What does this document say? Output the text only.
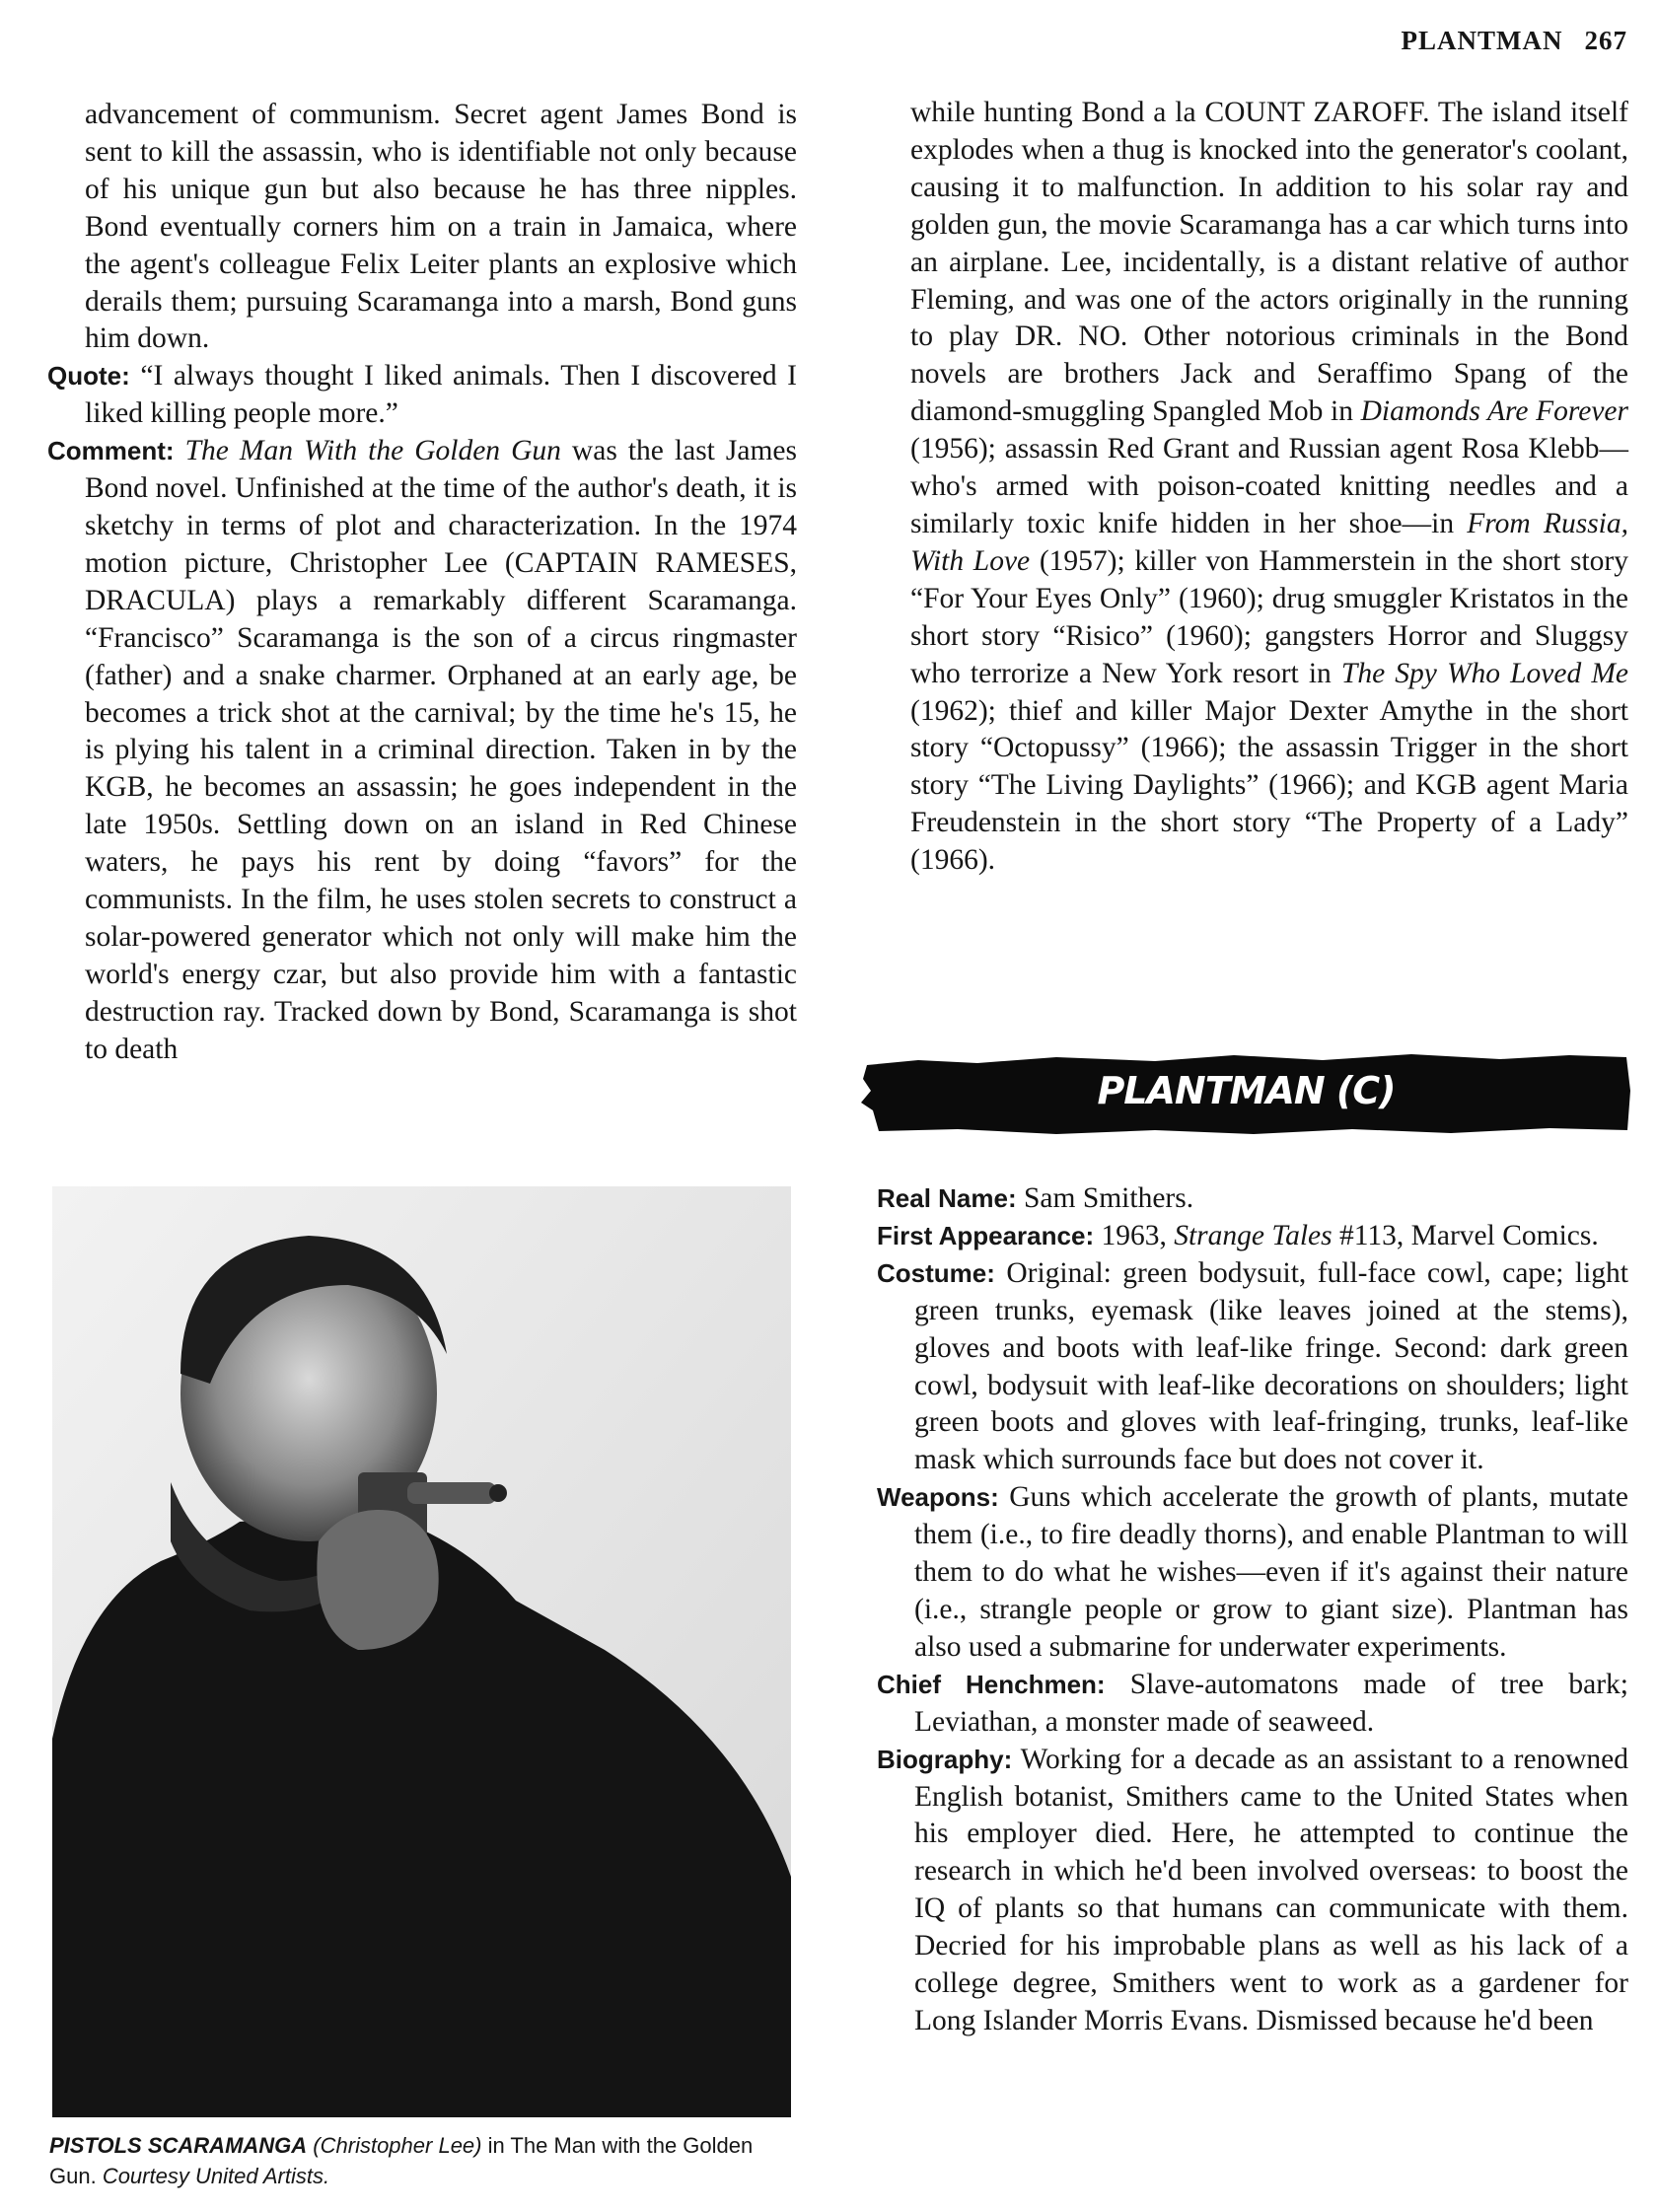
PLANTMAN 267

advancement of communism. Secret agent James Bond is sent to kill the assassin, who is identifiable not only because of his unique gun but also because he has three nipples. Bond eventually corners him on a train in Jamaica, where the agent's colleague Felix Leiter plants an explosive which derails them; pursuing Scaramanga into a marsh, Bond guns him down.

Quote: “I always thought I liked animals. Then I discovered I liked killing people more.”

Comment: The Man With the Golden Gun was the last James Bond novel. Unfinished at the time of the author's death, it is sketchy in terms of plot and characterization. In the 1974 motion picture, Christopher Lee (CAPTAIN RAMESES, DRACULA) plays a remarkably different Scaramanga. “Francisco” Scaramanga is the son of a circus ringmaster (father) and a snake charmer. Orphaned at an early age, be becomes a trick shot at the carnival; by the time he's 15, he is plying his talent in a criminal direction. Taken in by the KGB, he becomes an assassin; he goes independent in the late 1950s. Settling down on an island in Red Chinese waters, he pays his rent by doing “favors” for the communists. In the film, he uses stolen secrets to construct a solar-powered generator which not only will make him the world's energy czar, but also provide him with a fantastic destruction ray. Tracked down by Bond, Scaramanga is shot to death

while hunting Bond a la COUNT ZAROFF. The island itself explodes when a thug is knocked into the generator's coolant, causing it to malfunction. In addition to his solar ray and golden gun, the movie Scaramanga has a car which turns into an airplane. Lee, incidentally, is a distant relative of author Fleming, and was one of the actors originally in the running to play DR. NO. Other notorious criminals in the Bond novels are brothers Jack and Seraffimo Spang of the diamond-smuggling Spangled Mob in Diamonds Are Forever (1956); assassin Red Grant and Russian agent Rosa Klebb—who's armed with poison-coated knitting needles and a similarly toxic knife hidden in her shoe—in From Russia, With Love (1957); killer von Hammerstein in the short story “For Your Eyes Only” (1960); drug smuggler Kristatos in the short story “Risico” (1960); gangsters Horror and Sluggsy who terrorize a New York resort in The Spy Who Loved Me (1962); thief and killer Major Dexter Amythe in the short story “Octopussy” (1966); the assassin Trigger in the short story “The Living Daylights” (1966); and KGB agent Maria Freudenstein in the short story “The Property of a Lady” (1966).

PLANTMAN (C)

Real Name: Sam Smithers.

First Appearance: 1963, Strange Tales #113, Marvel Comics.

Costume: Original: green bodysuit, full-face cowl, cape; light green trunks, eyemask (like leaves joined at the stems), gloves and boots with leaf-like fringe. Second: dark green cowl, bodysuit with leaf-like decorations on shoulders; light green boots and gloves with leaf-fringing, trunks, leaf-like mask which surrounds face but does not cover it.

Weapons: Guns which accelerate the growth of plants, mutate them (i.e., to fire deadly thorns), and enable Plantman to will them to do what he wishes—even if it's against their nature (i.e., strangle people or grow to giant size). Plantman has also used a submarine for underwater experiments.

Chief Henchmen: Slave-automatons made of tree bark; Leviathan, a monster made of seaweed.

Biography: Working for a decade as an assistant to a renowned English botanist, Smithers came to the United States when his employer died. Here, he attempted to continue the research in which he'd been involved overseas: to boost the IQ of plants so that humans can communicate with them. Decried for his improbable plans as well as his lack of a college degree, Smithers went to work as a gardener for Long Islander Morris Evans. Dismissed because he'd been

PISTOLS SCARAMANGA (Christopher Lee) in The Man with the Golden Gun. Courtesy United Artists.
